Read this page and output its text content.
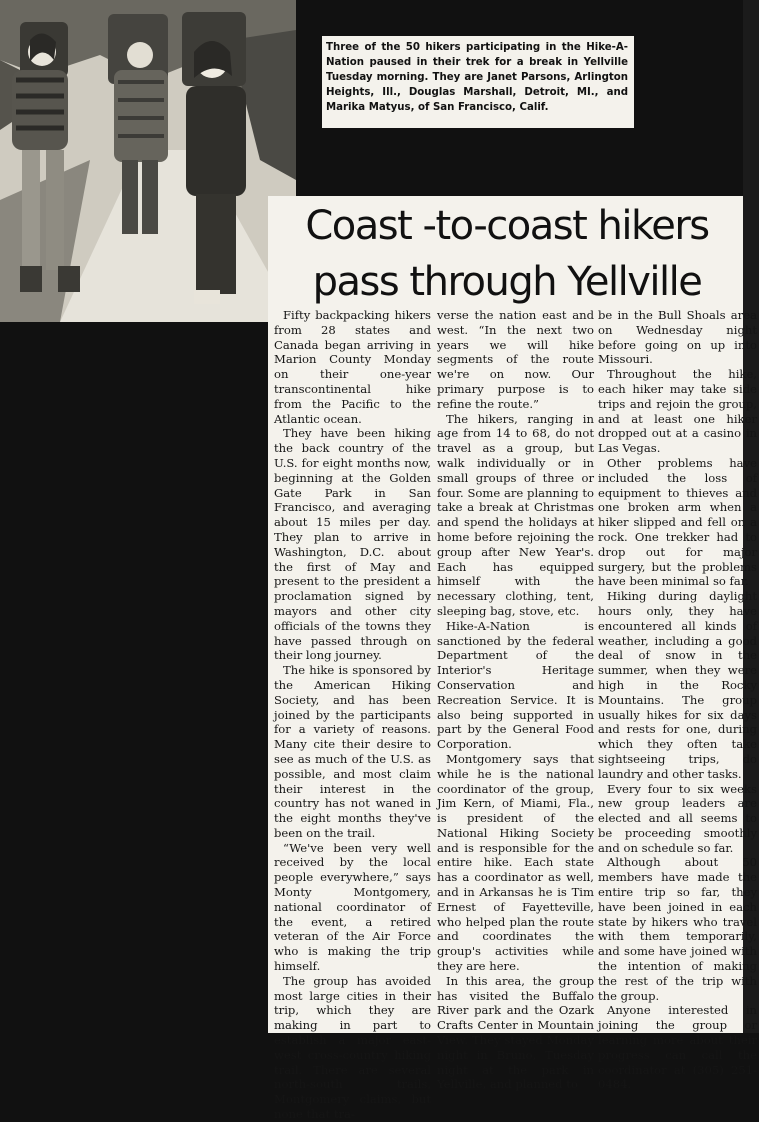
Three of the 50 hikers participating in the Hike-A-Nation paused in their trek for a break in Yellville Tuesday morning. They are Janet Parsons, Arlington Heights, Ill., Douglas Marshall, Detroit, MI., and Marika Matyus, of San Francisco, Calif.
Coast -to-coast hikers pass through Yellville

Fifty backpacking hikers from 28 states and Canada began arriving in Marion County Monday on their one-year transcontinental hike from the Pacific to the Atlantic ocean.

They have been hiking the back country of the U.S. for eight months now, beginning at the Golden Gate Park in San Francisco, and averaging about 15 miles per day. They plan to arrive in Washington, D.C. about the first of May and present to the president a proclamation signed by mayors and other city officials of the towns they have passed through on their long journey.

The hike is sponsored by the American Hiking Society, and has been joined by the participants for a variety of reasons. Many cite their desire to see as much of the U.S. as possible, and most claim their interest in the country has not waned in the eight months they've been on the trail.

“We've been very well received by the local people everywhere,” says Monty Montgomery, national coordinator of the event, a retired veteran of the Air Force who is making the trip himself.

The group has avoided most large cities in their trip, which they are making in part to establish a major east-west cross-country hiking trail. There are several north-south trails, Montgomery claims, but none that tra-

verse the nation east and west. “In the next two years we will hike segments of the route we're on now. Our primary purpose is to refine the route.”

The hikers, ranging in age from 14 to 68, do not travel as a group, but walk individually or in small groups of three or four. Some are planning to take a break at Christmas and spend the holidays at home before rejoining the group after New Year's. Each has equipped himself with the necessary clothing, tent, sleeping bag, stove, etc.

Hike-A-Nation is sanctioned by the federal Department of the Interior's Heritage Conservation and Recreation Service. It is also being supported in part by the General Food Corporation.

Montgomery says that while he is the national coordinator of the group, Jim Kern, of Miami, Fla., is president of the National Hiking Society and is responsible for the entire hike. Each state has a coordinator as well, and in Arkansas he is Tim Ernest of Fayetteville, who helped plan the route and coordinates the group's activities while they are here.

In this area, the group has visited the Buffalo River park and the Ozark Crafts Center in Mountain View. They stayed Monday night in Bruno, Tuesday night at the park in Yellville, and planned to

be in the Bull Shoals area on Wednesday night before going on up into Missouri.

Throughout the hike, each hiker may take side trips and rejoin the group, and at least one hiker dropped out at a casino in Las Vegas.

Other problems have included the loss of equipment to thieves and one broken arm when a hiker slipped and fell on a rock. One trekker had to drop out for major surgery, but the problems have been minimal so far.

Hiking during daylight hours only, they have encountered all kinds of weather, including a good deal of snow in the summer, when they were high in the Rocky Mountains. The group usually hikes for six days and rests for one, during which they often take sightseeing trips, do laundry and other tasks.

Every four to six weeks new group leaders are elected and all seems to be proceeding smoothly and on schedule so far.

Although about 50 members have made the entire trip so far, they have been joined in each state by hikers who travel with them temporarily, and some have joined with the intention of making the rest of the trip with the group.

Anyone interested in joining the group or learning more about their progress can call the coordinator at (305) 251-0484.
